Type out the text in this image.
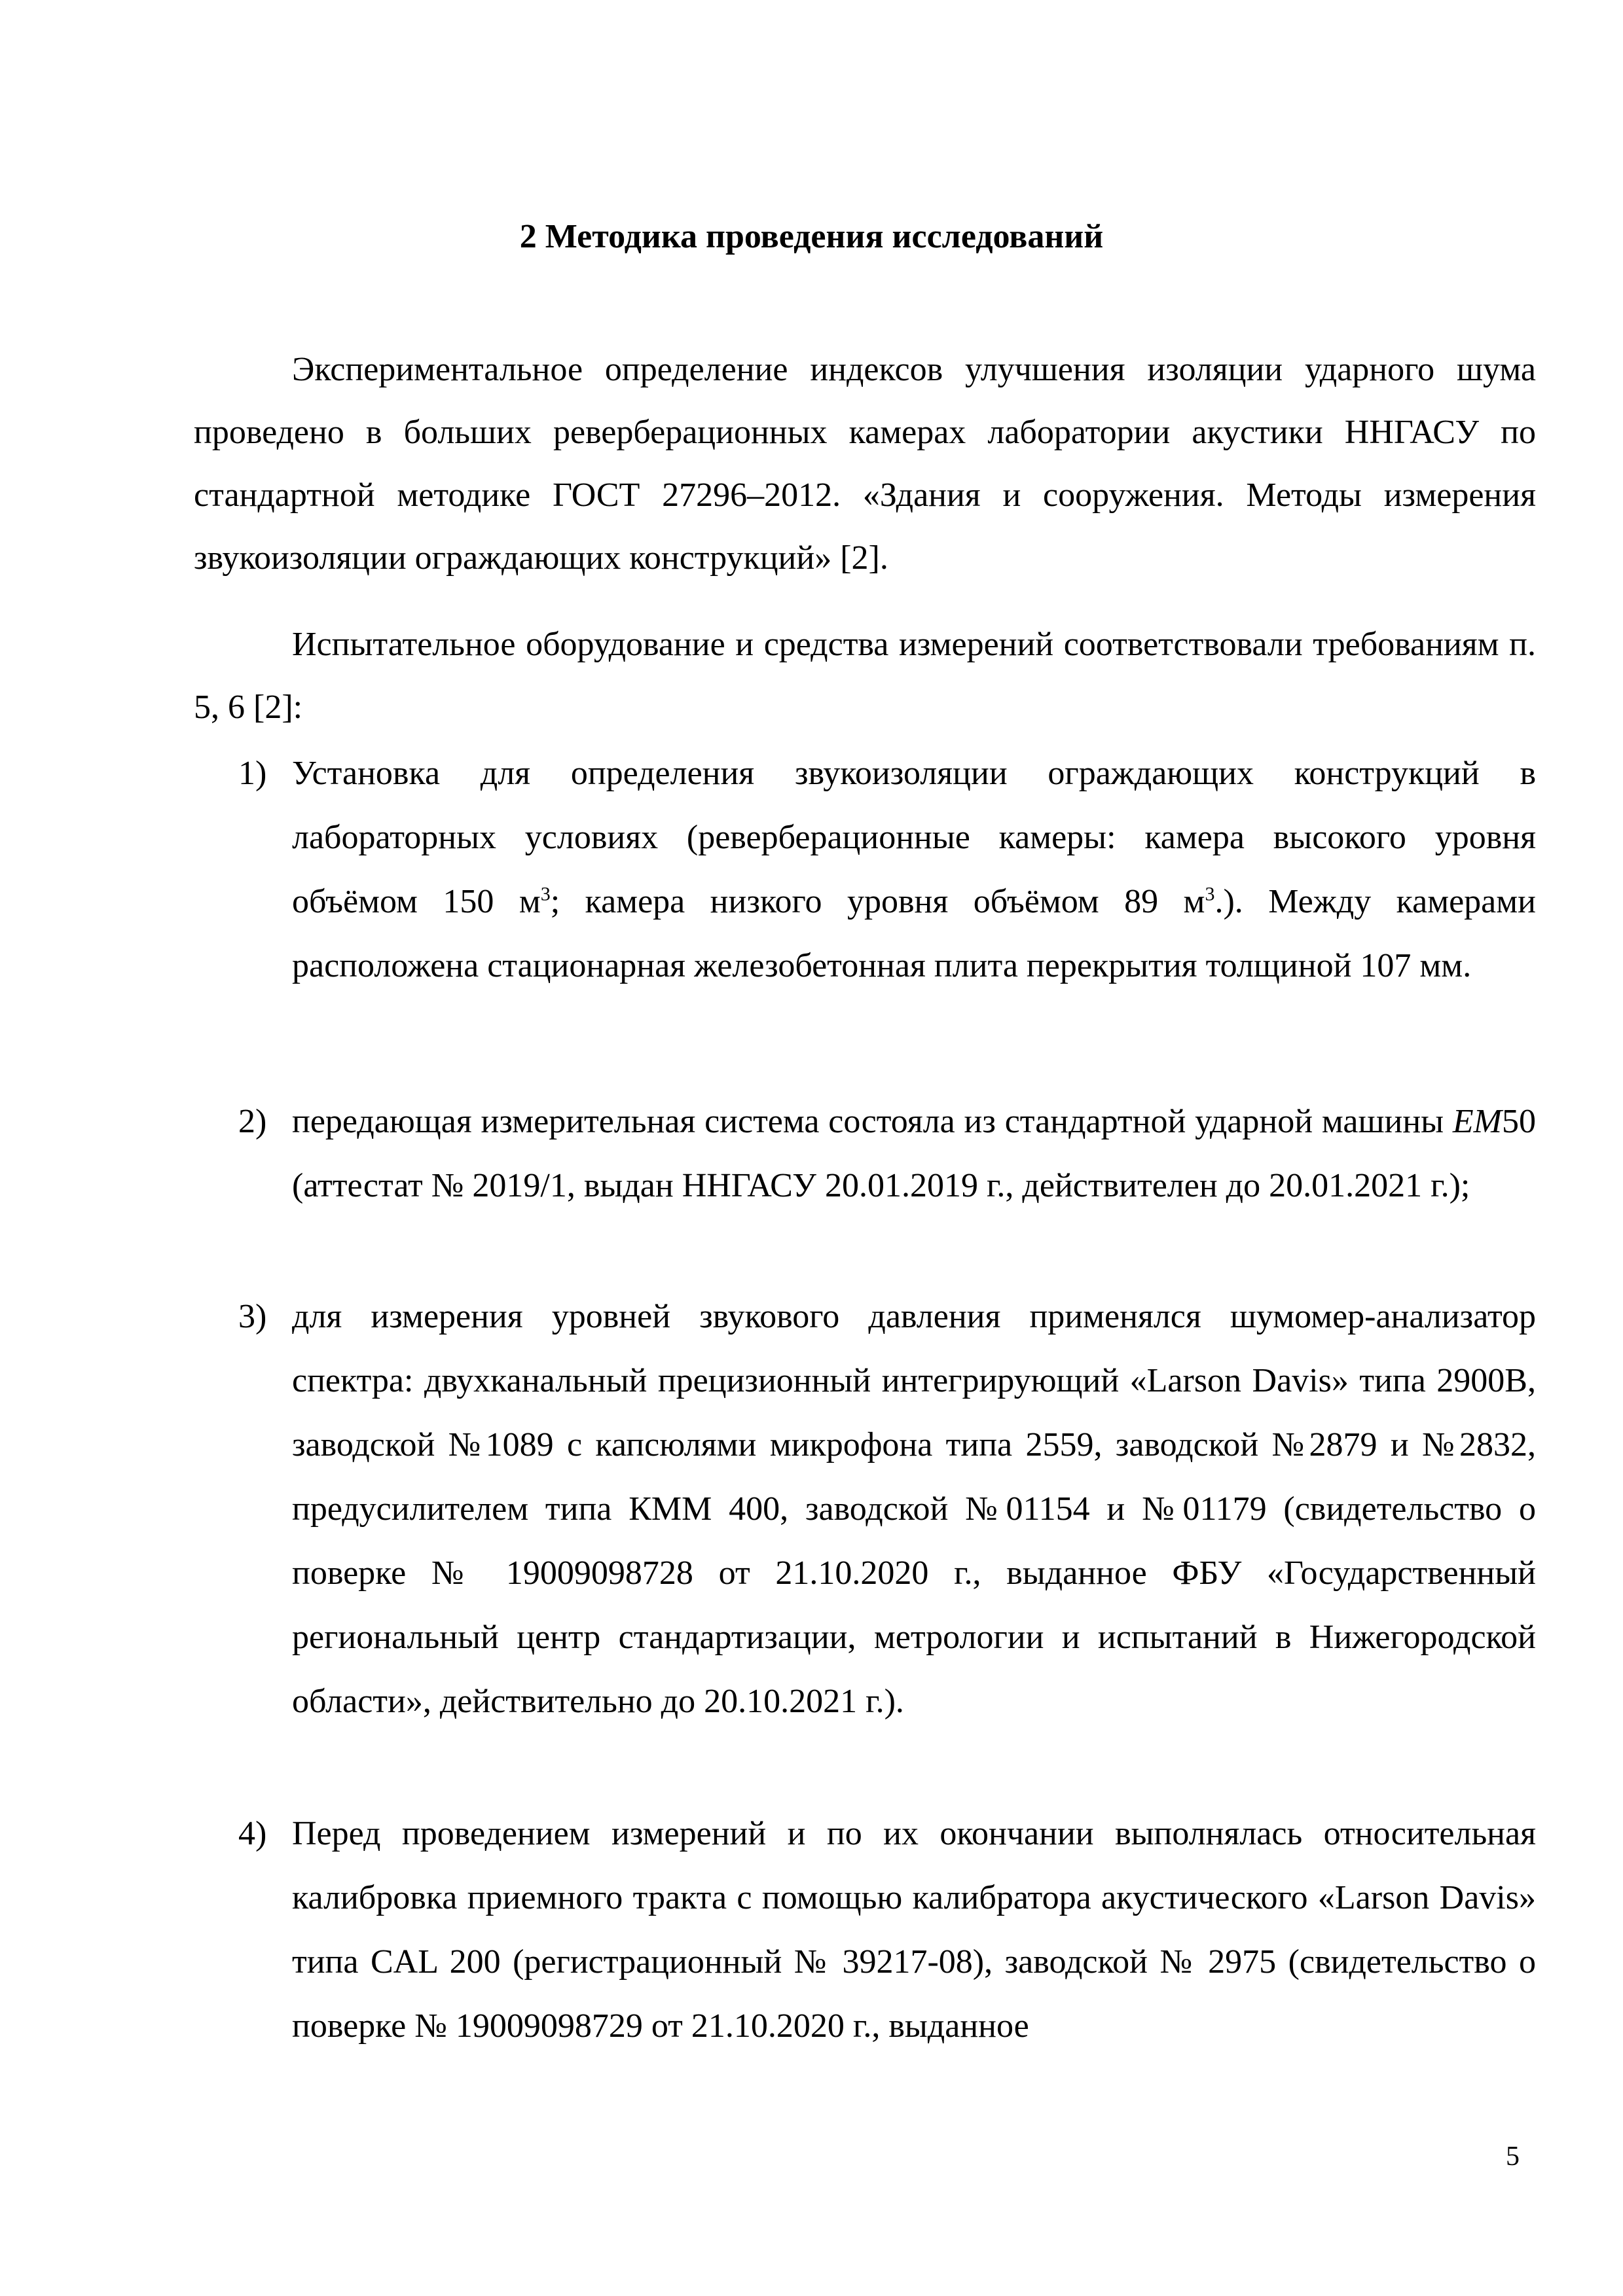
2 Методика проведения исследований

Экспериментальное определение индексов улучшения изоляции ударного шума проведено в больших реверберационных камерах лаборатории акустики ННГАСУ по стандартной методике ГОСТ 27296–2012. «Здания и сооружения. Методы измерения звукоизоляции ограждающих конструкций» [2].

Испытательное оборудование и средства измерений соответствовали требованиям п. 5, 6 [2]:

1) Установка для определения звукоизоляции ограждающих конструкций в лабораторных условиях (реверберационные камеры: камера высокого уровня объёмом 150 $м^3$; камера низкого уровня объёмом 89 $м^3$.). Между камерами расположена стационарная железобетонная плита перекрытия толщиной 107 мм.
2) передающая измерительная система состояла из стандартной ударной машины EM50 (аттестат № 2019/1, выдан ННГАСУ 20.01.2019 г., действителен до 20.01.2021 г.);
3) для измерения уровней звукового давления применялся шумомер-анализатор спектра: двухканальный прецизионный интегрирующий «Larson Davis» типа 2900В, заводской №1089 с капсюлями микрофона типа 2559, заводской №2879 и №2832, предусилителем типа КММ 400, заводской №01154 и №01179 (свидетельство о поверке № 19009098728 от 21.10.2020 г., выданное ФБУ «Государственный региональный центр стандартизации, метрологии и испытаний в Нижегородской области», действительно до 20.10.2021 г.).
4) Перед проведением измерений и по их окончании выполнялась относительная калибровка приемного тракта с помощью калибратора акустического «Larson Davis» типа CAL 200 (регистрационный № 39217-08), заводской № 2975 (свидетельство о поверке № 19009098729 от 21.10.2020 г., выданное
5
